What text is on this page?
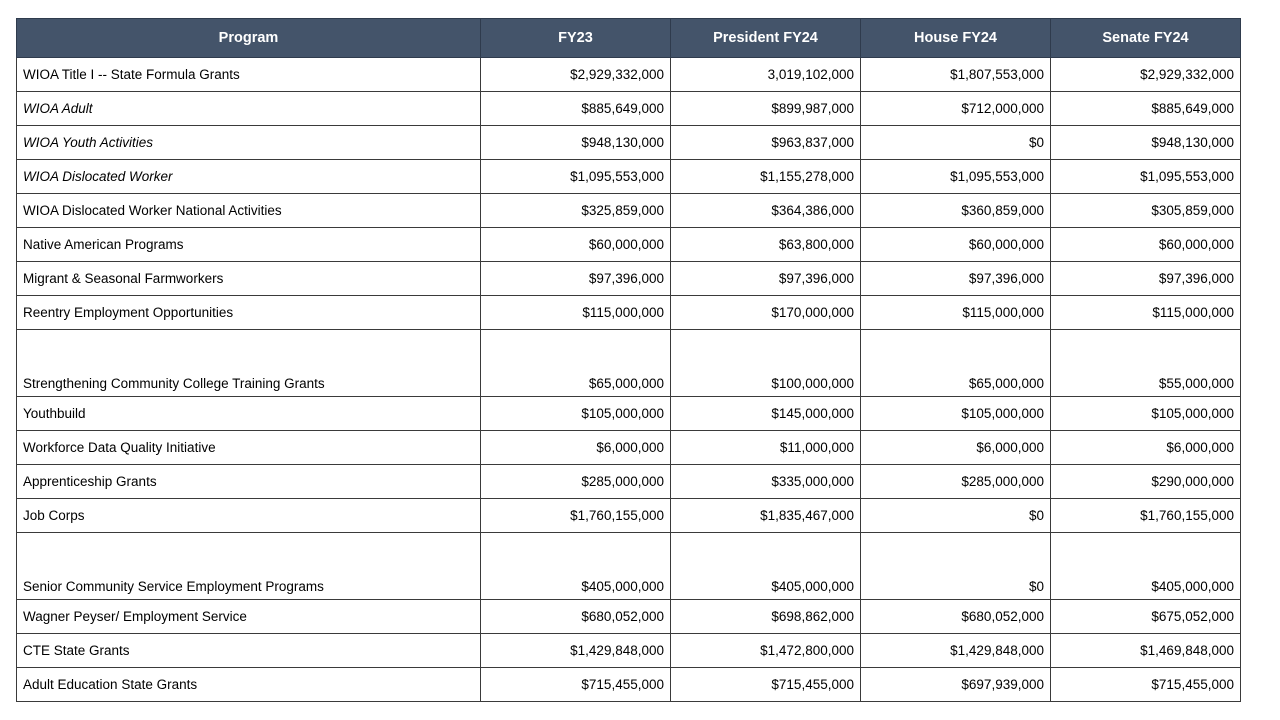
Program	FY23	President FY24	House FY24	Senate FY24
WIOA Title I -- State Formula Grants	$2,929,332,000	3,019,102,000	$1,807,553,000	$2,929,332,000
WIOA Adult	$885,649,000	$899,987,000	$712,000,000	$885,649,000
WIOA Youth Activities	$948,130,000	$963,837,000	$0	$948,130,000
WIOA Dislocated Worker	$1,095,553,000	$1,155,278,000	$1,095,553,000	$1,095,553,000
WIOA Dislocated Worker National Activities	$325,859,000	$364,386,000	$360,859,000	$305,859,000
Native American Programs	$60,000,000	$63,800,000	$60,000,000	$60,000,000
Migrant & Seasonal Farmworkers	$97,396,000	$97,396,000	$97,396,000	$97,396,000
Reentry Employment Opportunities	$115,000,000	$170,000,000	$115,000,000	$115,000,000
Strengthening Community College Training Grants	$65,000,000	$100,000,000	$65,000,000	$55,000,000
Youthbuild	$105,000,000	$145,000,000	$105,000,000	$105,000,000
Workforce Data Quality Initiative	$6,000,000	$11,000,000	$6,000,000	$6,000,000
Apprenticeship Grants	$285,000,000	$335,000,000	$285,000,000	$290,000,000
Job Corps	$1,760,155,000	$1,835,467,000	$0	$1,760,155,000
Senior Community Service Employment Programs	$405,000,000	$405,000,000	$0	$405,000,000
Wagner Peyser/ Employment Service	$680,052,000	$698,862,000	$680,052,000	$675,052,000
CTE State Grants	$1,429,848,000	$1,472,800,000	$1,429,848,000	$1,469,848,000
Adult Education State Grants	$715,455,000	$715,455,000	$697,939,000	$715,455,000
